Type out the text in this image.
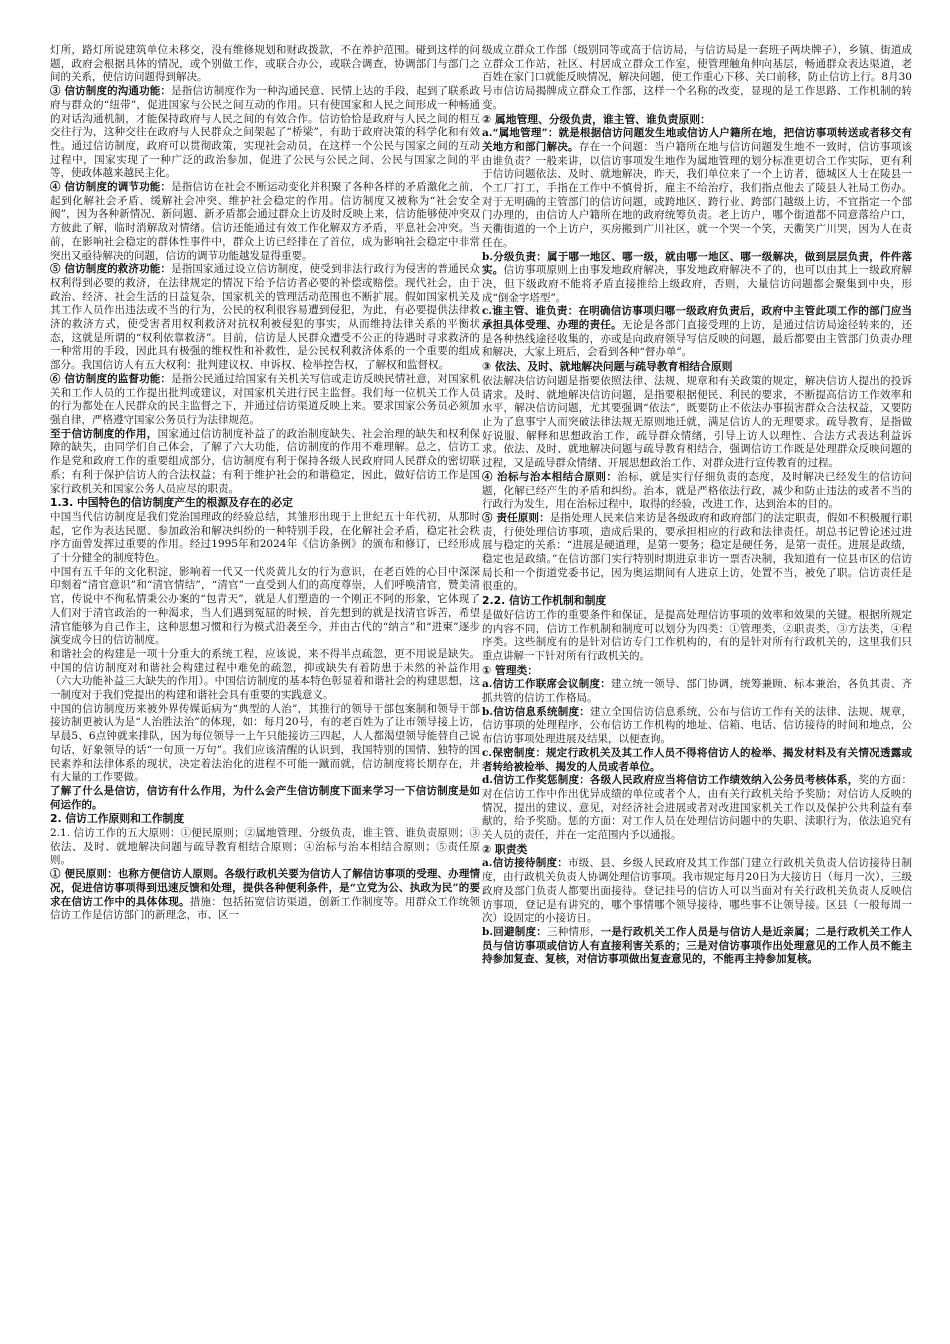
灯所，路灯所说建筑单位未移交，没有维修规划和财政拨款，不在养护范围。碰到这样的问题，政府会根据具体的情况，或个别做工作，或联合办公，或联合调查，协调部门与部门之间的关系，使信访问题得到解决。

③ 信访制度的沟通功能：是指信访制度作为一种沟通民意、民情上达的手段，起到了联系政府与群众的“纽带”，促进国家与公民之间互动的作用。只有使国家和人民之间形成一种畅通的对话沟通机制，才能保持政府与人民之间的有效合作。信访恰恰是政府与人民之间的相互交往行为，这种交往在政府与人民群众之间架起了“桥梁”，有助于政府决策的科学化和有效性。通过信访制度，政府可以贯彻政策，实现社会动员，在这样一个公民与国家之间的互动过程中，国家实现了一种广泛的政治参加，促进了公民与公民之间、公民与国家之间的平等，使政体越来越民主化。

④ 信访制度的调节功能：是指信访在社会不断运动变化并积聚了各种各样的矛盾激化之前，起到化解社会矛盾、缓解社会冲突、维护社会稳定的作用。信访制度又被称为“社会安全阀”，因为各种新情况、新问题、新矛盾都会通过群众上访及时反映上来，信访能够使冲突双方彼此了解，临时消解敌对情绪。信访还能通过有效工作化解双方矛盾，平息社会冲突。当前，在影响社会稳定的群体性事件中，群众上访已经排在了首位，成为影响社会稳定中非常突出又亟待解决的问题，信访的调节功能越发显得重要。

⑤ 信访制度的救济功能：是指国家通过设立信访制度，使受到非法行政行为侵害的普通民众权利得到必要的救济，在法律规定的情况下给予信访者必要的补偿或赔偿。现代社会，由于政治、经济、社会生活的日益复杂，国家机关的管理活动范围也不断扩展。假如国家机关及其工作人员作出违法或不当的行为，公民的权利很容易遭到侵犯，为此，有必要提供法律救济的救济方式，使受害者用权利救济对抗权利被侵犯的事实，从而维持法律关系的平衡状态，这就是所谓的“权利依靠救济”。目前，信访是人民群众遭受不公正的待遇时寻求救济的一种常用的手段，因此具有极强的维权性和补救性，是公民权利救济体系的一个重要的组成部分。我国信访人有五大权利：批判建议权、申诉权、检举控告权，了解权和监督权。

⑥ 信访制度的监督功能：是指公民通过给国家有关机关写信或走访反映民情社意，对国家机关和工作人员的工作提出批判或建议，对国家机关进行民主监督。我们每一位机关工作人员的行为都处在人民群众的民主监督之下，并通过信访渠道反映上来。要求国家公务员必须加强自律，严格遵守国家公务员行为法律规范。

至于信访制度的作用，国家通过信访制度补益了的政治制度缺失、社会治理的缺失和权利保障的缺失，由同学们自己体会，了解了六大功能，信访制度的作用不难理解。总之，信访工作是党和政府工作的重要组成部分，信访制度有利于保持各级人民政府同人民群众的密切联系；有利于保护信访人的合法权益；有利于维护社会的和谐稳定，因此，做好信访工作是国家行政机关和国家公务人员应尽的职责。

1.3. 中国特色的信访制度产生的根源及存在的必定

中国当代信访制度是我们党治国理政的经验总结，其雏形出现于上世纪五十年代初，从那时起，它作为表达民愿、参加政治和解决纠纷的一种特别手段，在化解社会矛盾，稳定社会秩序方面曾发挥过重要的作用。经过1995年和2024年《信访条例》的颁布和修订，已经形成了十分健全的制度特色。

中国有五千年的文化积淀，影响着一代又一代炎黄儿女的行为意识，在老百姓的心目中深深印刻着“清官意识”和“清官情结”，“清官”一直受到人们的高度尊崇，人们呼唤清官，赞美清官，传说中不徇私情秉公办案的“包青天”，就是人们塑造的一个刚正不阿的形象，它体现了人们对于清官政治的一种渴求，当人们遇到冤屈的时候，首先想到的就是找清官诉苦，希望清官能够为自己作主，这种思想习惯和行为模式沿袭至今，并由古代的“纳言”和“进柬”逐步演变成今日的信访制度。

和谐社会的构建是一项十分重大的系统工程，应该说，来不得半点疏忽，更不用说是缺失。中国的信访制度对和谐社会构建过程中难免的疏忽，抑或缺失有着防患于未然的补益作用（六大功能补益三大缺失的作用）。中国信访制度的基本特色彰显着和谐社会的构建思想，这一制度对于我们党提出的构建和谐社会具有重要的实践意义。

中国的信访制度历来被外界传媒诟病为“典型的人治”，其推行的领导干部包案制和领导干部接访制更被认为是“人治胜法治”的体现，如：每月20号，有的老百姓为了让市领导接上访，早晨5、6点钟就来排队，因为每位领导一上午只能接访三四起，人人都渴望领导能替自己说句话，好象领导的话“一句顶一万句”。我们应该清醒的认识到，我国特别的国情、独特的国民素养和法律体系的现状，决定着法治化的进程不可能一蹴而就，信访制度将长期存在，并有大量的工作要做。

了解了什么是信访，信访有什么作用，为什么会产生信访制度下面来学习一下信访制度是如何运作的。

2. 信访工作原则和工作制度

2.1. 信访工作的五大原则：①便民原则；②属地管理、分级负责，谁主管、谁负责原则；③依法、及时、就地解决问题与疏导教育相结合原则；④治标与治本相结合原则；⑤责任原则。

① 便民原则：也称方便信访人原则。各级行政机关要为信访人了解信访事项的受理、办理情况，促进信访事项得到迅速反馈和处理，提供各种便利条件，是“立党为公、执政为民”的要求在信访工作中的具体体现。措施：包括拓宽信访渠道，创新工作制度等。用群众工作统领信访工作是信访部门的新理念，市、区一

级成立群众工作部（级别同等或高于信访局，与信访局是一套班子两块牌子），乡镇、街道成立群众工作站，社区、村居成立群众工作室，使管理触角伸向基层，畅通群众表达渠道，老百姓在家门口就能反映情况，解决问题，使工作重心下移、关口前移，防止信访上行。8月30号市信访局揭牌成立群众工作部，这样一个名称的改变，显现的是工作思路、工作机制的转变。

② 属地管理、分级负责，谁主管、谁负责原则：

a.“属地管理”：就是根据信访问题发生地或信访人户籍所在地，把信访事项转送或者移交有关地方和部门解决。存在一个问题：当户籍所在地与信访问题发生地不一致时，信访事项该由谁负责？一般来讲，以信访事项发生地作为属地管理的划分标准更切合工作实际，更有利于信访问题依法、及时、就地解决，昨天，我们单位来了一个上访者，德城区人士在陵县一个工厂打工，手指在工作中不慎骨折，雇主不给治疗，我们指点他去了陵县人社局工伤办。对于无明确的主管部门的信访问题，或跨地区、跨行业、跨部门越级上访，不宜指定一个部门办理的，由信访人户籍所在地的政府统筹负责。老上访户，哪个街道都不同意落给户口，天衢街道的一个上访户，买房搬到广川社区，就一个哭一个笑，天衢笑广川哭，因为人在责任在。

b.分级负责：属于哪一地区、哪一级，就由哪一地区、哪一级解决，做到层层负责，件件落实。信访事项原则上由事发地政府解决，事发地政府解决不了的，也可以由其上一级政府解决，但下级政府不能将矛盾直接推给上级政府，否则，大量信访问题都会聚集到中央，形成“倒金字塔型”。

c.谁主管、谁负责：在明确信访事项归哪一级政府负责后，政府中主管此项工作的部门应当承担具体受理、办理的责任。无论是各部门直接受理的上访，是通过信访局途径转来的，还是各种热线途径收集的，亦或是向政府领导写信反映的问题，最后都要由主管部门负责办理和解决，大家上班后，会看到各种“督办单”。

③ 依法、及时、就地解决问题与疏导教育相结合原则

依法解决信访问题是指要依照法律、法规、规章和有关政策的规定，解决信访人提出的投诉请求。及时、就地解决信访问题，是指要根据便民、利民的要求，不断提高信访工作效率和水平，解决信访问题，尤其要强调“依法”，既要防止不依法办事损害群众合法权益，又要防止为了息事宁人而突破法律法规无原则地迁就，满足信访人的无理要求。疏导教育，是指做好说服、解释和思想政治工作，疏导群众情绪，引导上访人以理性、合法方式表达利益诉求。依法、及时、就地解决问题与疏导教育相结合，强调信访工作既是处理群众反映问题的过程，又是疏导群众情绪、开展思想政治工作、对群众进行宣传教育的过程。

④ 治标与治本相结合原则：治标，就是实行仔细负责的态度，及时解决已经发生的信访问题，化解已经产生的矛盾和纠纷。治本，就是严格依法行政，减少和防止违法的或者不当的行政行为发生，用在治标过程中，取得的经验，改进工作，达到治本的目的。

⑤ 责任原则：是指处理人民来信来访是各级政府和政府部门的法定职责，假如不积极履行职责，行使处理信访事项，造成后果的，要承担相应的行政和法律责任。胡总书记曾论述过进展与稳定的关系：“进展是硬道理，是第一要务；稳定是硬任务，是第一责任。进展是政绩，稳定也是政绩。”在信访部门实行特别时期进京非访一票否决制，我知道有一位县市区的信访局长和一个街道党委书记，因为奥运期间有人进京上访，处置不当，被免了职。信访责任是很重的。

2.2. 信访工作机制和制度

是做好信访工作的重要条件和保证，是提高处理信访事项的效率和效果的关键。根据所规定的内容不同，信访工作机制和制度可以划分为四类：①管理类，②职责类，③方法类，④程序类。这些制度有的是针对信访专门工作机构的，有的是针对所有行政机关的，这里我们只重点讲解一下针对所有行政机关的。

① 管理类：

a.信访工作联席会议制度：建立统一领导、部门协调，统筹兼顾、标本兼治，各负其责、齐抓共管的信访工作格局。

b.信访信息系统制度：建立全国信访信息系统，公布与信访工作有关的法律、法规、规章，信访事项的处理程序，公布信访工作机构的地址、信箱、电话、信访接待的时间和地点，公布信访事项处理进展及结果，以便查询。

c.保密制度：规定行政机关及其工作人员不得将信访人的检举、揭发材料及有关情况透露或者转给被检举、揭发的人员或者单位。

d.信访工作奖惩制度：各级人民政府应当将信访工作绩效纳入公务员考核体系，奖的方面：对在信访工作中作出优异成绩的单位或者个人，由有关行政机关给予奖励；对信访人反映的情况，提出的建议、意见，对经济社会进展或者对改进国家机关工作以及保护公共利益有奉献的，给予奖励。惩的方面：对工作人员在处理信访问题中的失职、渎职行为，依法追究有关人员的责任，并在一定范围内予以通报。

② 职责类

a.信访接待制度：市级、县、乡级人民政府及其工作部门建立行政机关负责人信访接待日制度，由行政机关负责人协调处理信访事项。我市规定每月20日为大接访日（每月一次），三级政府及部门负责人都要出面接待。登记挂号的信访人可以当面对有关行政机关负责人反映信访事项，登记是有讲究的，哪个事情哪个领导接待，哪些事不让领导接。区县（一般每周一次）设固定的小接访日。

b.回避制度：三种情形，一是行政机关工作人员是与信访人是近亲属；二是行政机关工作人员与信访事项或信访人有直接利害关系的；三是对信访事项作出处理意见的工作人员不能主持参加复查、复核，对信访事项做出复查意见的，不能再主持参加复核。
